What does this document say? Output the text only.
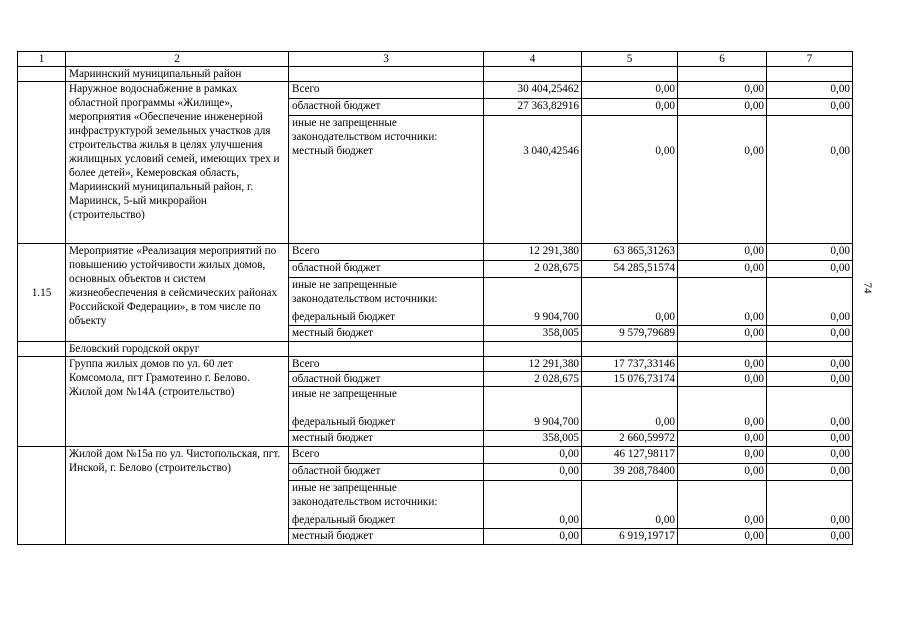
74
1	2	3	4	5	6	7
	Мариинский муниципальный район					
	Наружное водоснабжение в рамках областной программы «Жилище», мероприятия «Обеспечение инженерной инфраструктурой земельных участков для строительства жилья в целях улучшения жилищных условий семей, имеющих трех и более детей», Кемеровская область, Мариинский муниципальный район, г. Мариинск, 5-ый микрорайон (строительство)	Всего	30 404,25462	0,00	0,00	0,00
		областной бюджет	27 363,82916	0,00	0,00	0,00
		иные не запрещенные законодательством источники: местный бюджет	3 040,42546	0,00	0,00	0,00
1.15	Мероприятие «Реализация мероприятий по повышению устойчивости жилых домов, основных объектов и систем жизнеобеспечения в сейсмических районах Российской Федерации», в том числе по объекту	Всего	12 291,380	63 865,31263	0,00	0,00
		областной бюджет	2 028,675	54 285,51574	0,00	0,00
		иные не запрещенные законодательством источники:				
		федеральный бюджет	9 904,700	0,00	0,00	0,00
		местный бюджет	358,005	9 579,79689	0,00	0,00
	Беловский городской округ					
	Группа жилых домов по ул. 60 лет Комсомола, пгт Грамотеино г. Белово. Жилой дом №14А (строительство)	Всего	12 291,380	17 737,33146	0,00	0,00
		областной бюджет	2 028,675	15 076,73174	0,00	0,00
		иные не запрещенные				
		федеральный бюджет	9 904,700	0,00	0,00	0,00
		местный бюджет	358,005	2 660,59972	0,00	0,00
	Жилой дом №15а по ул. Чистопольская, пгт. Инской, г. Белово (строительство)	Всего	0,00	46 127,98117	0,00	0,00
		областной бюджет	0,00	39 208,78400	0,00	0,00
		иные не запрещенные законодательством источники:				
		федеральный бюджет	0,00	0,00	0,00	0,00
		местный бюджет	0,00	6 919,19717	0,00	0,00
